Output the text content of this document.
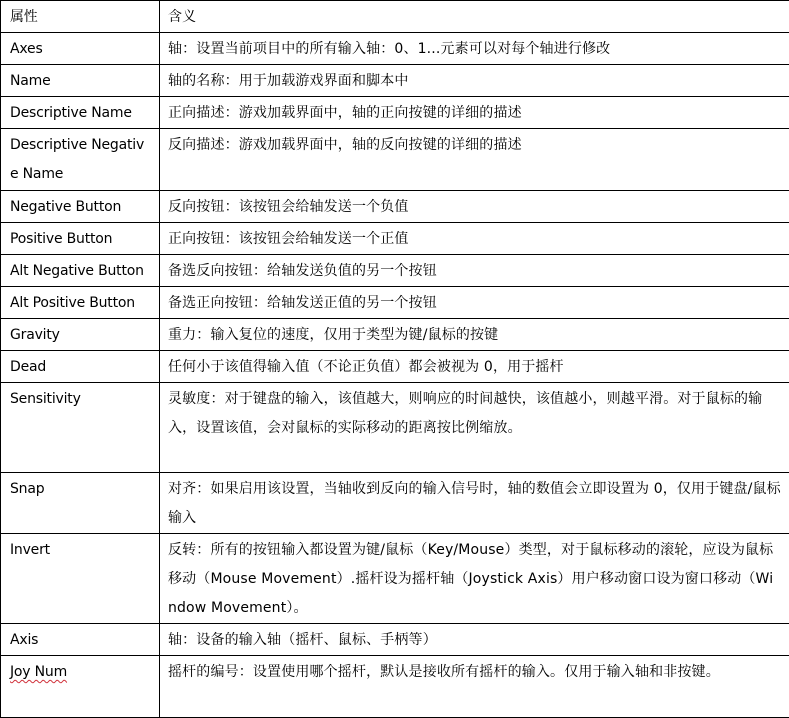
属性	含义
Axes	轴：设置当前项目中的所有输入轴：0、1...元素可以对每个轴进行修改
Name	轴的名称：用于加载游戏界面和脚本中
Descriptive Name	正向描述：游戏加载界面中，轴的正向按键的详细的描述
Descriptive Negative Name	反向描述：游戏加载界面中，轴的反向按键的详细的描述
Negative Button	反向按钮：该按钮会给轴发送一个负值
Positive Button	正向按钮：该按钮会给轴发送一个正值
Alt Negative Button	备选反向按钮：给轴发送负值的另一个按钮
Alt Positive Button	备选正向按钮：给轴发送正值的另一个按钮
Gravity	重力：输入复位的速度，仅用于类型为键/鼠标的按键
Dead	任何小于该值得输入值（不论正负值）都会被视为 0，用于摇杆
Sensitivity	灵敏度：对于键盘的输入，该值越大，则响应的时间越快，该值越小，则越平滑。对于鼠标的输入，设置该值，会对鼠标的实际移动的距离按比例缩放。
Snap	对齐：如果启用该设置，当轴收到反向的输入信号时，轴的数值会立即设置为 0，仅用于键盘/鼠标输入
Invert	反转：所有的按钮输入都设置为键/鼠标（Key/Mouse）类型，对于鼠标移动的滚轮，应设为鼠标移动（Mouse Movement）.摇杆设为摇杆轴（Joystick Axis）用户移动窗口设为窗口移动（Window Movement）。
Axis	轴：设备的输入轴（摇杆、鼠标、手柄等）
Joy Num	摇杆的编号：设置使用哪个摇杆，默认是接收所有摇杆的输入。仅用于输入轴和非按键。
